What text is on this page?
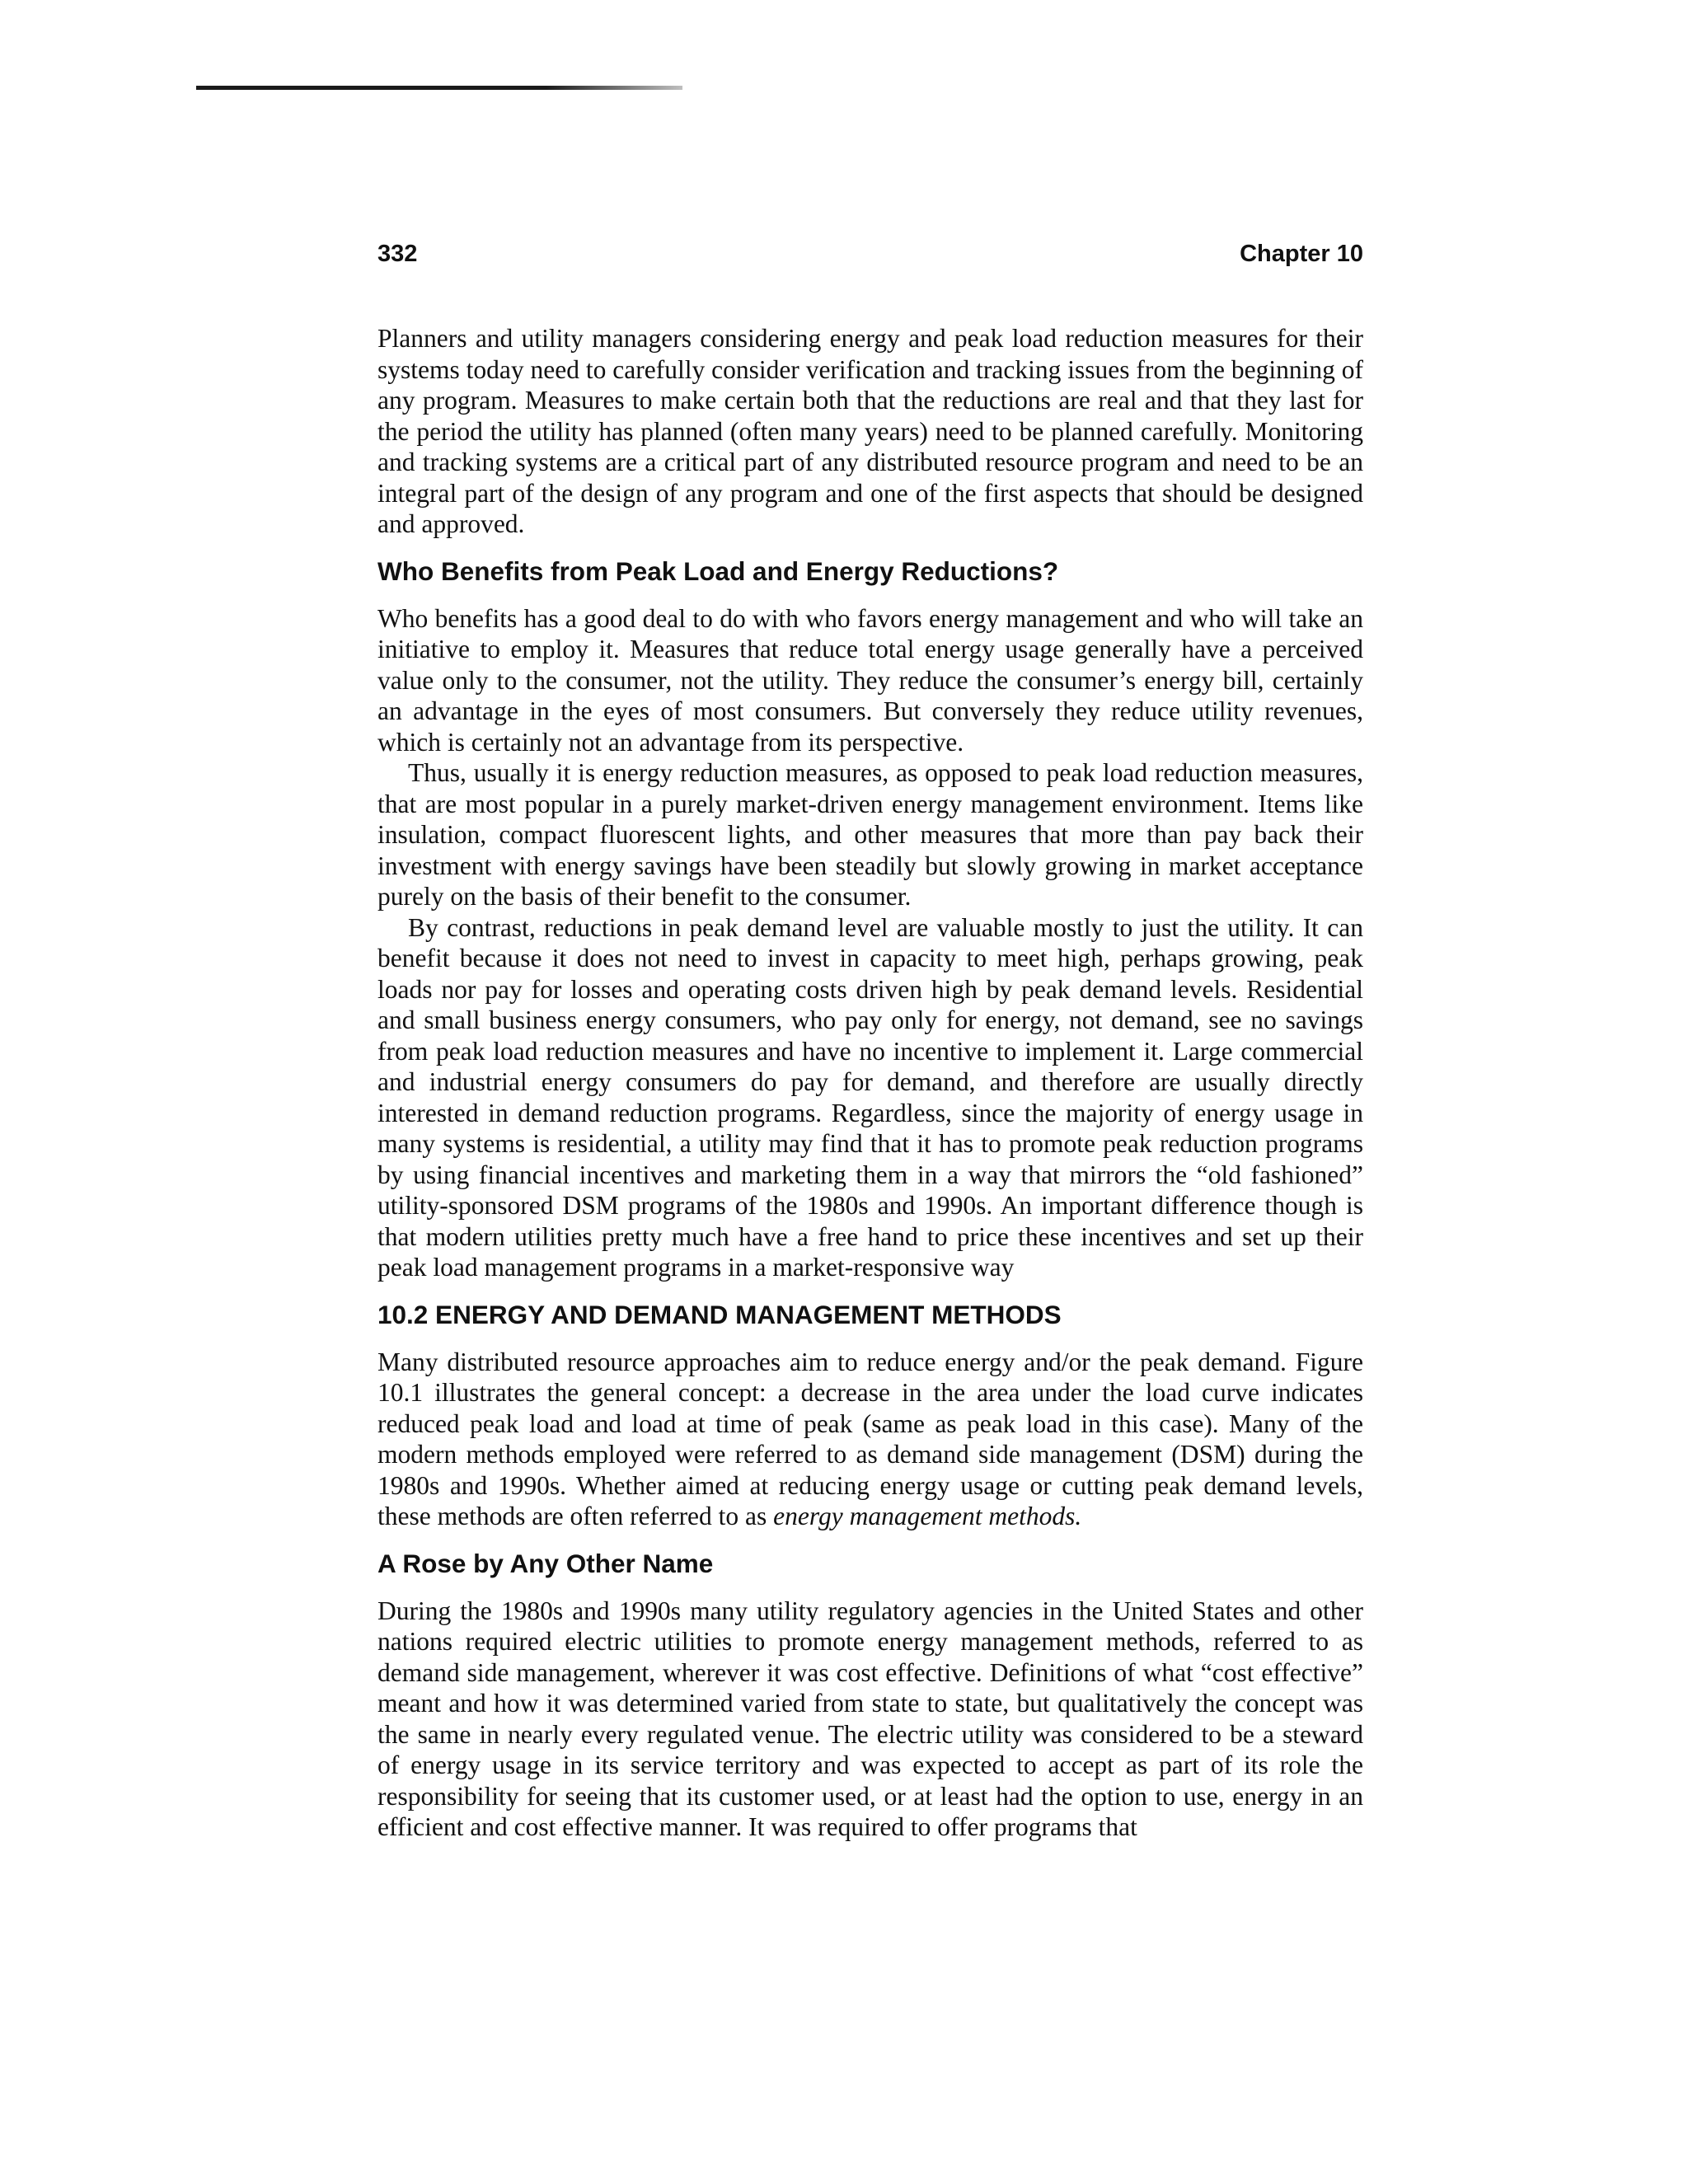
332	Chapter 10

Planners and utility managers considering energy and peak load reduction measures for their systems today need to carefully consider verification and tracking issues from the beginning of any program. Measures to make certain both that the reductions are real and that they last for the period the utility has planned (often many years) need to be planned carefully. Monitoring and tracking systems are a critical part of any distributed resource program and need to be an integral part of the design of any program and one of the first aspects that should be designed and approved.

Who Benefits from Peak Load and Energy Reductions?

Who benefits has a good deal to do with who favors energy management and who will take an initiative to employ it. Measures that reduce total energy usage generally have a perceived value only to the consumer, not the utility. They reduce the consumer’s energy bill, certainly an advantage in the eyes of most consumers. But conversely they reduce utility revenues, which is certainly not an advantage from its perspective.

Thus, usually it is energy reduction measures, as opposed to peak load reduction measures, that are most popular in a purely market-driven energy management environment. Items like insulation, compact fluorescent lights, and other measures that more than pay back their investment with energy savings have been steadily but slowly growing in market acceptance purely on the basis of their benefit to the consumer.

By contrast, reductions in peak demand level are valuable mostly to just the utility. It can benefit because it does not need to invest in capacity to meet high, perhaps growing, peak loads nor pay for losses and operating costs driven high by peak demand levels. Residential and small business energy consumers, who pay only for energy, not demand, see no savings from peak load reduction measures and have no incentive to implement it. Large commercial and industrial energy consumers do pay for demand, and therefore are usually directly interested in demand reduction programs. Regardless, since the majority of energy usage in many systems is residential, a utility may find that it has to promote peak reduction programs by using financial incentives and marketing them in a way that mirrors the “old fashioned” utility-sponsored DSM programs of the 1980s and 1990s. An important difference though is that modern utilities pretty much have a free hand to price these incentives and set up their peak load management programs in a market-responsive way

10.2 ENERGY AND DEMAND MANAGEMENT METHODS

Many distributed resource approaches aim to reduce energy and/or the peak demand. Figure 10.1 illustrates the general concept: a decrease in the area under the load curve indicates reduced peak load and load at time of peak (same as peak load in this case). Many of the modern methods employed were referred to as demand side management (DSM) during the 1980s and 1990s. Whether aimed at reducing energy usage or cutting peak demand levels, these methods are often referred to as energy management methods.

A Rose by Any Other Name

During the 1980s and 1990s many utility regulatory agencies in the United States and other nations required electric utilities to promote energy management methods, referred to as demand side management, wherever it was cost effective. Definitions of what “cost effective” meant and how it was determined varied from state to state, but qualitatively the concept was the same in nearly every regulated venue. The electric utility was considered to be a steward of energy usage in its service territory and was expected to accept as part of its role the responsibility for seeing that its customer used, or at least had the option to use, energy in an efficient and cost effective manner. It was required to offer programs that
